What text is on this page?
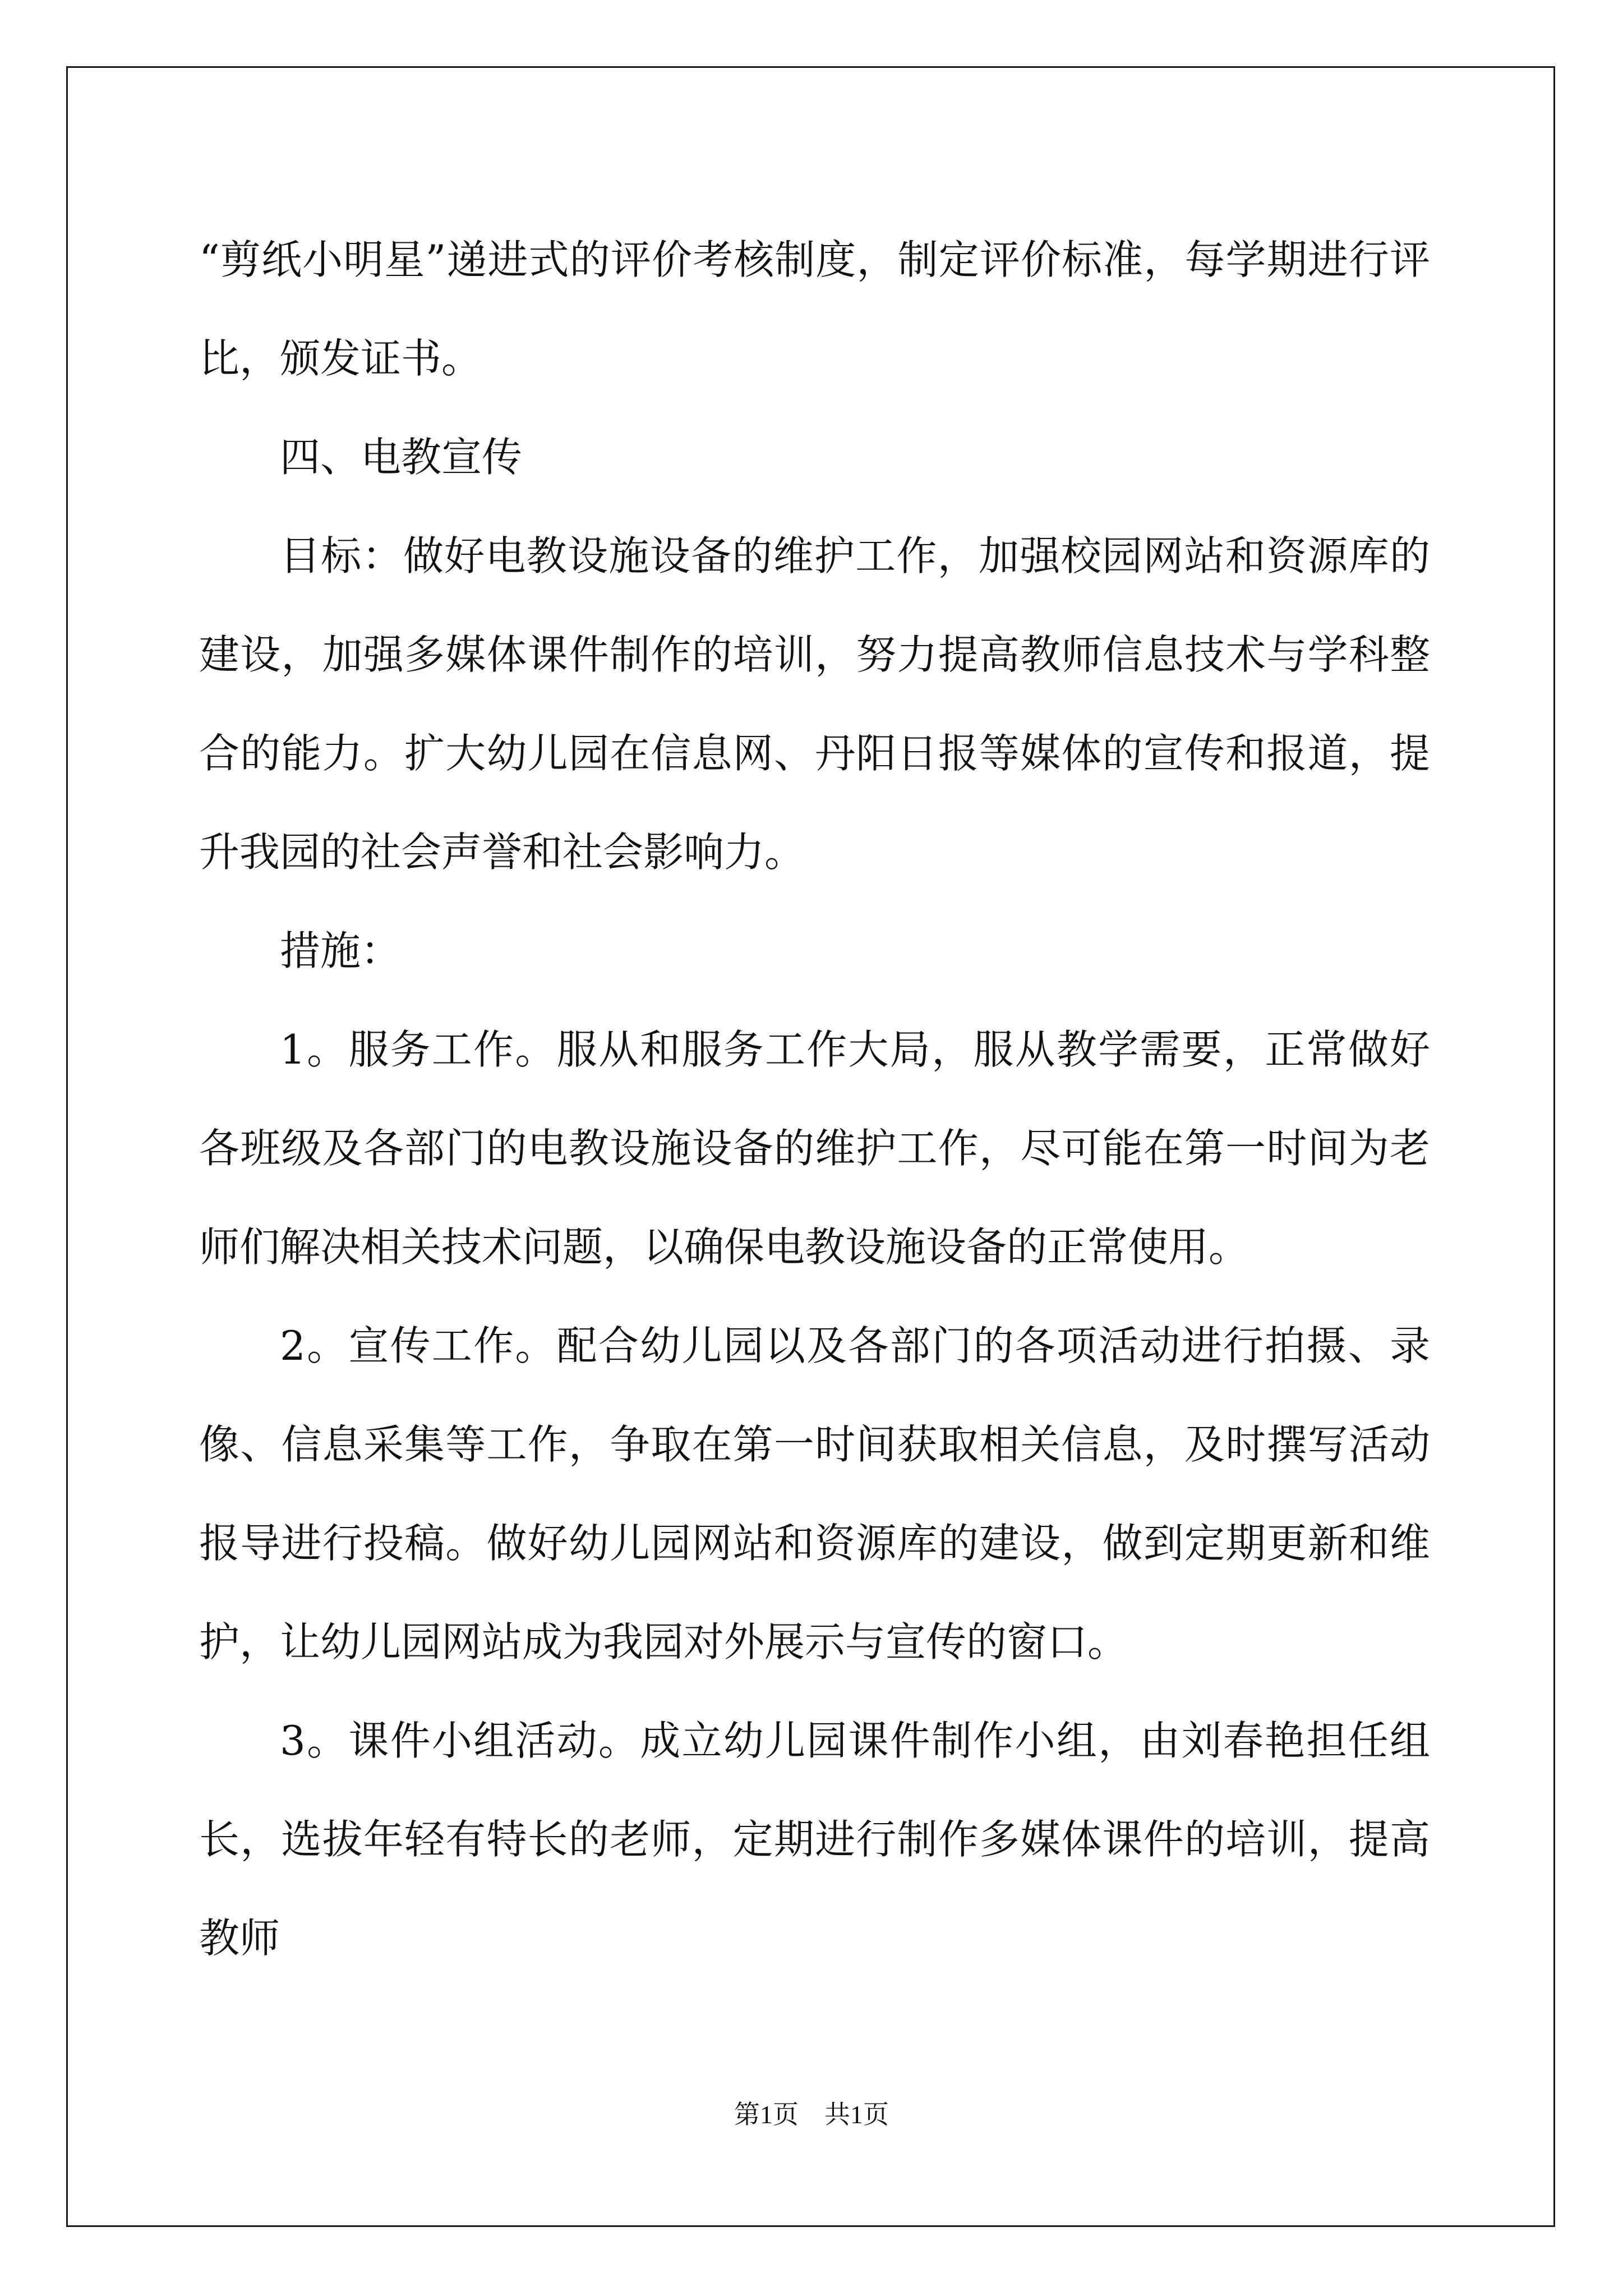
“剪纸小明星”递进式的评价考核制度，制定评价标准，每学期进行评比，颁发证书。

四、电教宣传

目标：做好电教设施设备的维护工作，加强校园网站和资源库的建设，加强多媒体课件制作的培训，努力提高教师信息技术与学科整合的能力。扩大幼儿园在信息网、丹阳日报等媒体的宣传和报道，提升我园的社会声誉和社会影响力。

措施：

1。服务工作。服从和服务工作大局，服从教学需要，正常做好各班级及各部门的电教设施设备的维护工作，尽可能在第一时间为老师们解决相关技术问题，以确保电教设施设备的正常使用。

2。宣传工作。配合幼儿园以及各部门的各项活动进行拍摄、录像、信息采集等工作，争取在第一时间获取相关信息，及时撰写活动报导进行投稿。做好幼儿园网站和资源库的建设，做到定期更新和维护，让幼儿园网站成为我园对外展示与宣传的窗口。

3。课件小组活动。成立幼儿园课件制作小组，由刘春艳担任组长，选拔年轻有特长的老师，定期进行制作多媒体课件的培训，提高教师

第1页 共1页
